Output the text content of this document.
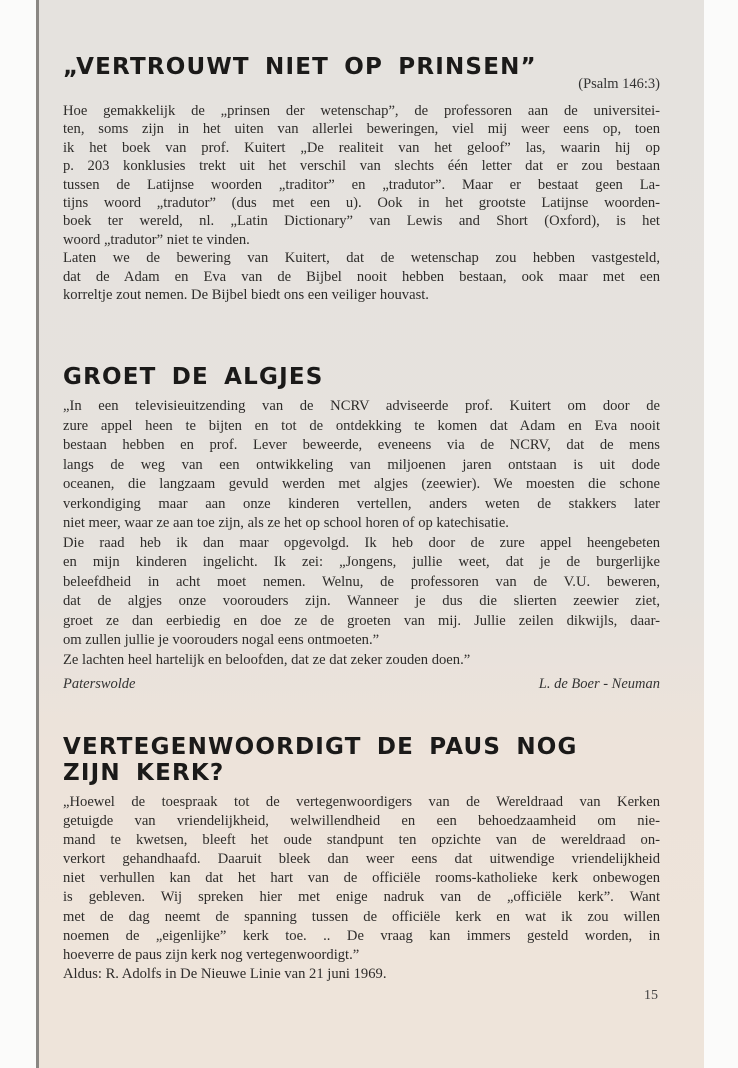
„VERTROUWT NIET OP PRINSEN”
(Psalm 146:3)
Hoe gemakkelijk de „prinsen der wetenschap”, de professoren aan de universitei-
ten, soms zijn in het uiten van allerlei beweringen, viel mij weer eens op, toen
ik het boek van prof. Kuitert „De realiteit van het geloof” las, waarin hij op
p. 203 konklusies trekt uit het verschil van slechts één letter dat er zou bestaan
tussen de Latijnse woorden „traditor” en „tradutor”. Maar er bestaat geen La-
tijns woord „tradutor” (dus met een u). Ook in het grootste Latijnse woorden-
boek ter wereld, nl. „Latin Dictionary” van Lewis and Short (Oxford), is het
woord „tradutor” niet te vinden.
Laten we de bewering van Kuitert, dat de wetenschap zou hebben vastgesteld,
dat de Adam en Eva van de Bijbel nooit hebben bestaan, ook maar met een
korreltje zout nemen. De Bijbel biedt ons een veiliger houvast.
GROET DE ALGJES
„In een televisieuitzending van de NCRV adviseerde prof. Kuitert om door de
zure appel heen te bijten en tot de ontdekking te komen dat Adam en Eva nooit
bestaan hebben en prof. Lever beweerde, eveneens via de NCRV, dat de mens
langs de weg van een ontwikkeling van miljoenen jaren ontstaan is uit dode
oceanen, die langzaam gevuld werden met algjes (zeewier). We moesten die schone
verkondiging maar aan onze kinderen vertellen, anders weten de stakkers later
niet meer, waar ze aan toe zijn, als ze het op school horen of op katechisatie.
Die raad heb ik dan maar opgevolgd. Ik heb door de zure appel heengebeten
en mijn kinderen ingelicht. Ik zei: „Jongens, jullie weet, dat je de burgerlijke
beleefdheid in acht moet nemen. Welnu, de professoren van de V.U. beweren,
dat de algjes onze voorouders zijn. Wanneer je dus die slierten zeewier ziet,
groet ze dan eerbiedig en doe ze de groeten van mij. Jullie zeilen dikwijls, daar-
om zullen jullie je voorouders nogal eens ontmoeten.”
Ze lachten heel hartelijk en beloofden, dat ze dat zeker zouden doen.”
Paterswolde	L. de Boer - Neuman
VERTEGENWOORDIGT DE PAUS NOG
ZIJN KERK?
„Hoewel de toespraak tot de vertegenwoordigers van de Wereldraad van Kerken
getuigde van vriendelijkheid, welwillendheid en een behoedzaamheid om nie-
mand te kwetsen, bleeft het oude standpunt ten opzichte van de wereldraad on-
verkort gehandhaafd. Daaruit bleek dan weer eens dat uitwendige vriendelijkheid
niet verhullen kan dat het hart van de officiële rooms-katholieke kerk onbewogen
is gebleven. Wij spreken hier met enige nadruk van de „officiële kerk”. Want
met de dag neemt de spanning tussen de officiële kerk en wat ik zou willen
noemen de „eigenlijke” kerk toe. .. De vraag kan immers gesteld worden, in
hoeverre de paus zijn kerk nog vertegenwoordigt.”
Aldus: R. Adolfs in De Nieuwe Linie van 21 juni 1969.
15
